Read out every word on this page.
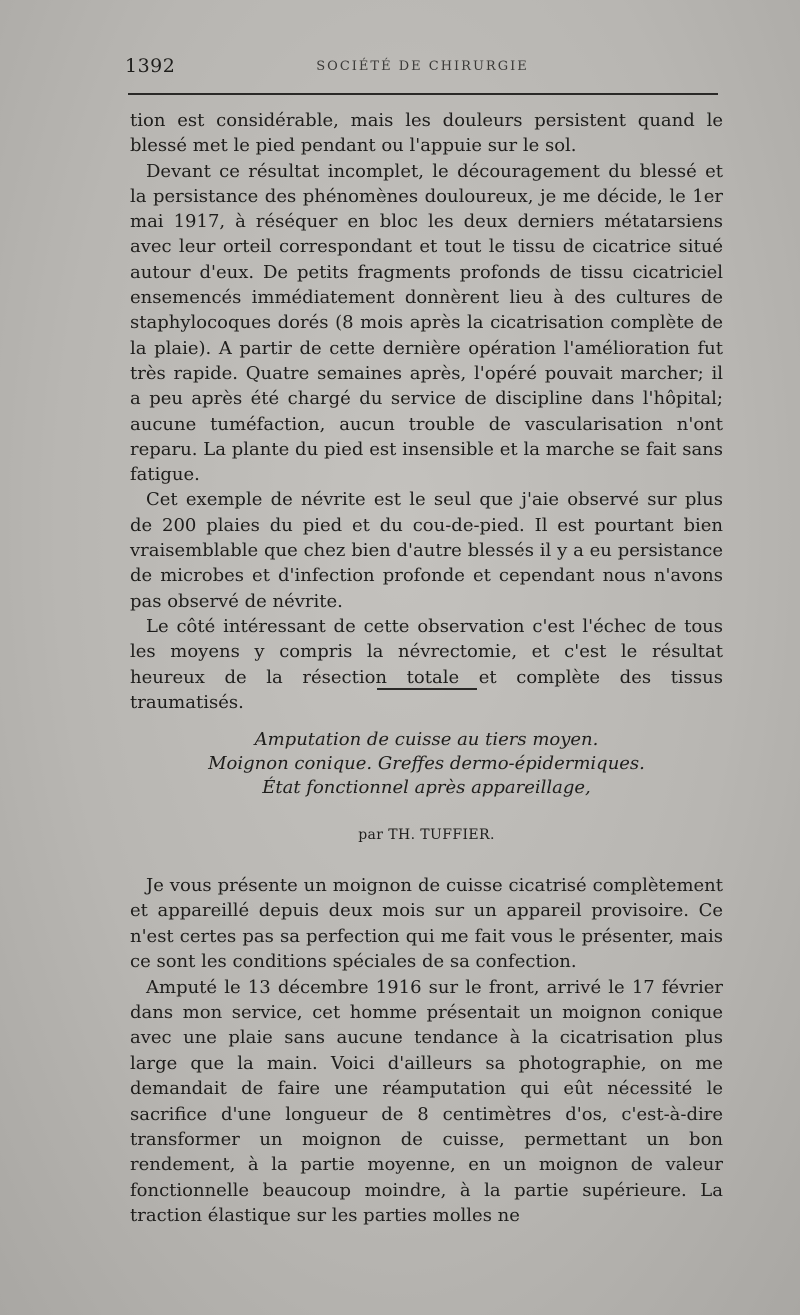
1392	SOCIÉTÉ DE CHIRURGIE

tion est considérable, mais les douleurs persistent quand le blessé met le pied pendant ou l'appuie sur le sol.

Devant ce résultat incomplet, le découragement du blessé et la persistance des phénomènes douloureux, je me décide, le 1er mai 1917, à réséquer en bloc les deux derniers métatarsiens avec leur orteil correspondant et tout le tissu de cicatrice situé autour d'eux. De petits fragments profonds de tissu cicatriciel ensemencés immédiatement donnèrent lieu à des cultures de staphylocoques dorés (8 mois après la cicatrisation complète de la plaie). A partir de cette dernière opération l'amélioration fut très rapide. Quatre semaines après, l'opéré pouvait marcher; il a peu après été chargé du service de discipline dans l'hôpital; aucune tuméfaction, aucun trouble de vascularisation n'ont reparu. La plante du pied est insensible et la marche se fait sans fatigue.

Cet exemple de névrite est le seul que j'aie observé sur plus de 200 plaies du pied et du cou-de-pied. Il est pourtant bien vraisemblable que chez bien d'autre blessés il y a eu persistance de microbes et d'infection profonde et cependant nous n'avons pas observé de névrite.

Le côté intéressant de cette observation c'est l'échec de tous les moyens y compris la névrectomie, et c'est le résultat heureux de la résection totale et complète des tissus traumatisés.

Amputation de cuisse au tiers moyen.
Moignon conique. Greffes dermo-épidermiques.
État fonctionnel après appareillage,
par TH. TUFFIER.

Je vous présente un moignon de cuisse cicatrisé complètement et appareillé depuis deux mois sur un appareil provisoire. Ce n'est certes pas sa perfection qui me fait vous le présenter, mais ce sont les conditions spéciales de sa confection.

Amputé le 13 décembre 1916 sur le front, arrivé le 17 février dans mon service, cet homme présentait un moignon conique avec une plaie sans aucune tendance à la cicatrisation plus large que la main. Voici d'ailleurs sa photographie, on me demandait de faire une réamputation qui eût nécessité le sacrifice d'une longueur de 8 centimètres d'os, c'est-à-dire transformer un moignon de cuisse, permettant un bon rendement, à la partie moyenne, en un moignon de valeur fonctionnelle beaucoup moindre, à la partie supérieure. La traction élastique sur les parties molles ne
